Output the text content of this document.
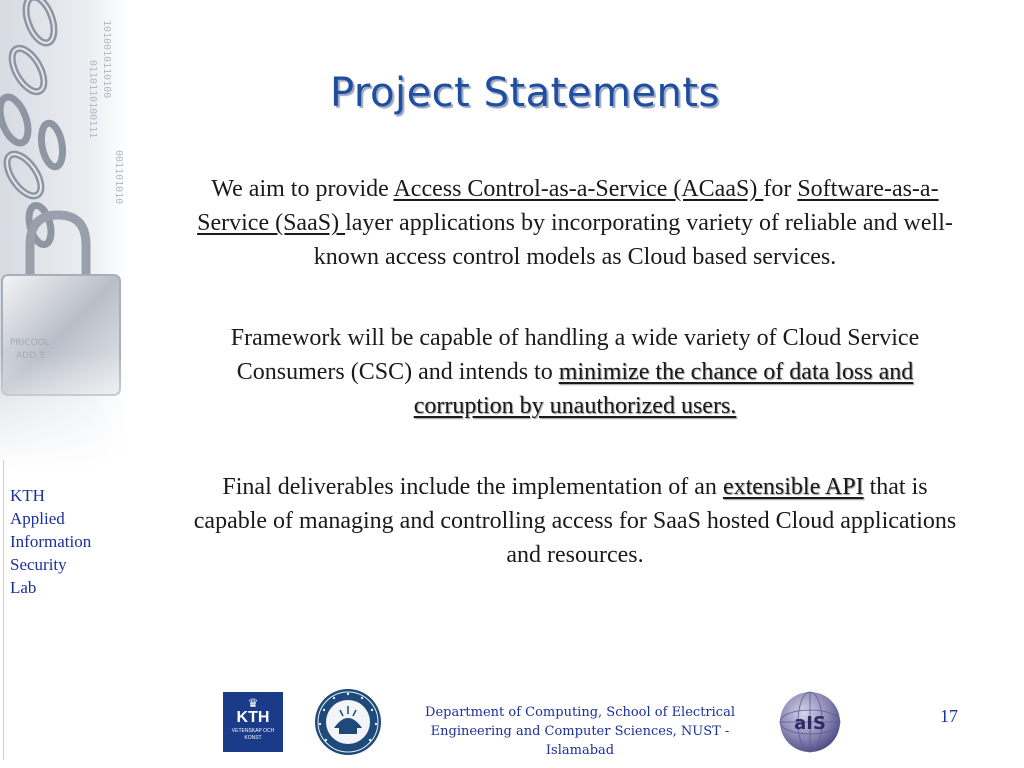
KTH
Applied
Information
Security
Lab
Project Statements

We aim to provide Access Control-as-a-Service (ACaaS) for Software-as-a-Service (SaaS) layer applications by incorporating variety of reliable and well-known access control models as Cloud based services.

Framework will be capable of handling a wide variety of Cloud Service Consumers (CSC) and intends to minimize the chance of data loss and corruption by unauthorized users.

Final deliverables include the implementation of an extensible API that is capable of managing and controlling access for SaaS hosted Cloud applications and resources.

♛
KTH
VETENSKAP OCH KONST
Department of Computing, School of Electrical Engineering and Computer Sciences, NUST - Islamabad
aIS	17
